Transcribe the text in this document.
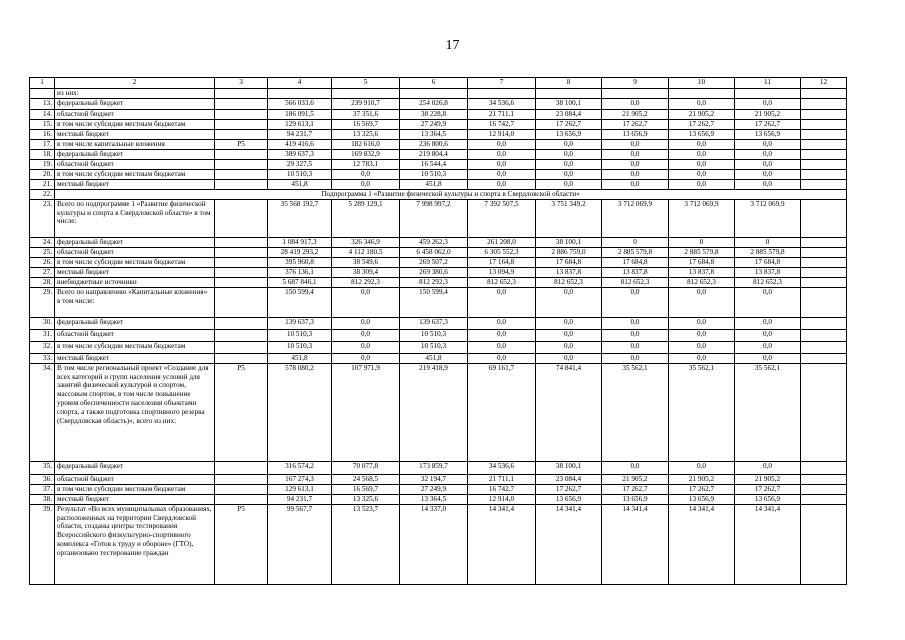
17
1	2	3	4	5	6	7	8	9	10	11	12
	из них:										
13.	федеральный бюджет		566 033,6	239 910,7	254 026,8	34 536,6	38 100,1	0,0	0,0	0,0	
14.	областной бюджет		186 091,5	37 351,6	38 228,8	21 711,1	23 084,4	21 905,2	21 905,2	21 905,2	
15.	в том числе субсидии местным бюджетам		129 613,1	16 569,7	27 249,9	16 742,7	17 262,7	17 262,7	17 262,7	17 262,7	
16.	местный бюджет		94 231,7	13 325,6	13 364,5	12 914,0	13 656,9	13 656,9	13 656,9	13 656,9	
17.	в том числе капитальные вложения	Р5	419 416,6	182 616,0	236 800,6	0,0	0,0	0,0	0,0	0,0	
18.	федеральный бюджет		389 637,3	169 832,9	219 804,4	0,0	0,0	0,0	0,0	0,0	
19.	областной бюджет		29 327,5	12 783,1	16 544,4	0,0	0,0	0,0	0,0	0,0	
20.	в том числе субсидии местным бюджетам		10 510,3	0,0	10 510,3	0,0	0,0	0,0	0,0	0,0	
21.	местный бюджет		451,8	0,0	451,8	0,0	0,0	0,0	0,0	0,0	
22.	Подпрограмма 1 «Развитие физической культуры и спорта в Свердловской области»										
23.	Всего по подпрограмме 1 «Развитие физической культуры и спорта в Свердловской области» в том числе:		35 568 192,7	5 289 129,1	7 998 997,2	7 392 507,5	3 751 349,2	3 712 069,9	3 712 069,9	3 712 069,9	
24.	федеральный бюджет		1 084 917,3	326 346,9	459 262,3	261 208,0	38 100,1	0	0	0	
25.	областной бюджет		28 419 293,2	4 112 180,5	6 458 062,0	6 305 552,3	2 886 759,0	2 885 579,8	2 885 579,8	2 885 579,8	
26.	в том числе субсидии местным бюджетам		395 960,8	38 549,6	269 507,2	17 164,8	17 684,8	17 684,8	17 684,8	17 684,8	
27.	местный бюджет		376 136,1	38 309,4	269 380,6	13 094,9	13 837,8	13 837,8	13 837,8	13 837,8	
28.	внебюджетные источники		5 687 846,1	812 292,3	812 292,3	812 652,3	812 652,3	812 652,3	812 652,3	812 652,3	
29.	Всего по направлению «Капитальные вложения» в том числе:		150 599,4	0,0	150 599,4	0,0	0,0	0,0	0,0	0,0	
30.	федеральный бюджет		139 637,3	0,0	139 637,3	0,0	0,0	0,0	0,0	0,0	
31.	областной бюджет		10 510,3	0,0	10 510,3	0,0	0,0	0,0	0,0	0,0	
32.	в том числе субсидии местным бюджетам		10 510,3	0,0	10 510,3	0,0	0,0	0,0	0,0	0,0	
33.	местный бюджет		451,8	0,0	451,8	0,0	0,0	0,0	0,0	0,0	
34.	В том числе региональный проект «Создание для всех категорий и групп населения условий для занятий физической культурой и спортом, массовым спортом, в том числе повышение уровня обеспеченности населения объектами спорта, а также подготовка спортивного резерва (Свердловская область)», всего из них:	Р5	578 080,2	107 971,9	219 418,9	69 161,7	74 841,4	35 562,1	35 562,1	35 562,1	
35.	федеральный бюджет		316 574,2	70 077,8	173 859,7	34 536,6	38 100,1	0,0	0,0	0,0	
36.	областной бюджет		167 274,3	24 568,5	32 194,7	21 711,1	23 084,4	21 905,2	21 905,2	21 905,2	
37.	в том числе субсидии местным бюджетам		129 613,1	16 569,7	27 249,9	16 742,7	17 262,7	17 262,7	17 262,7	17 262,7	
38.	местный бюджет		94 231,7	13 325,6	13 364,5	12 914,0	13 656,9	13 656,9	13 656,9	13 656,9	
39.	Результат «Во всех муниципальных образованиях, расположенных на территории Свердловской области, созданы центры тестирования Всероссийского физкультурно-спортивного комплекса «Готов к труду и обороне» (ГТО), организовано тестирование граждан	Р5	99 567,7	13 523,7	14 337,0	14 341,4	14 341,4	14 341,4	14 341,4	14 341,4	
